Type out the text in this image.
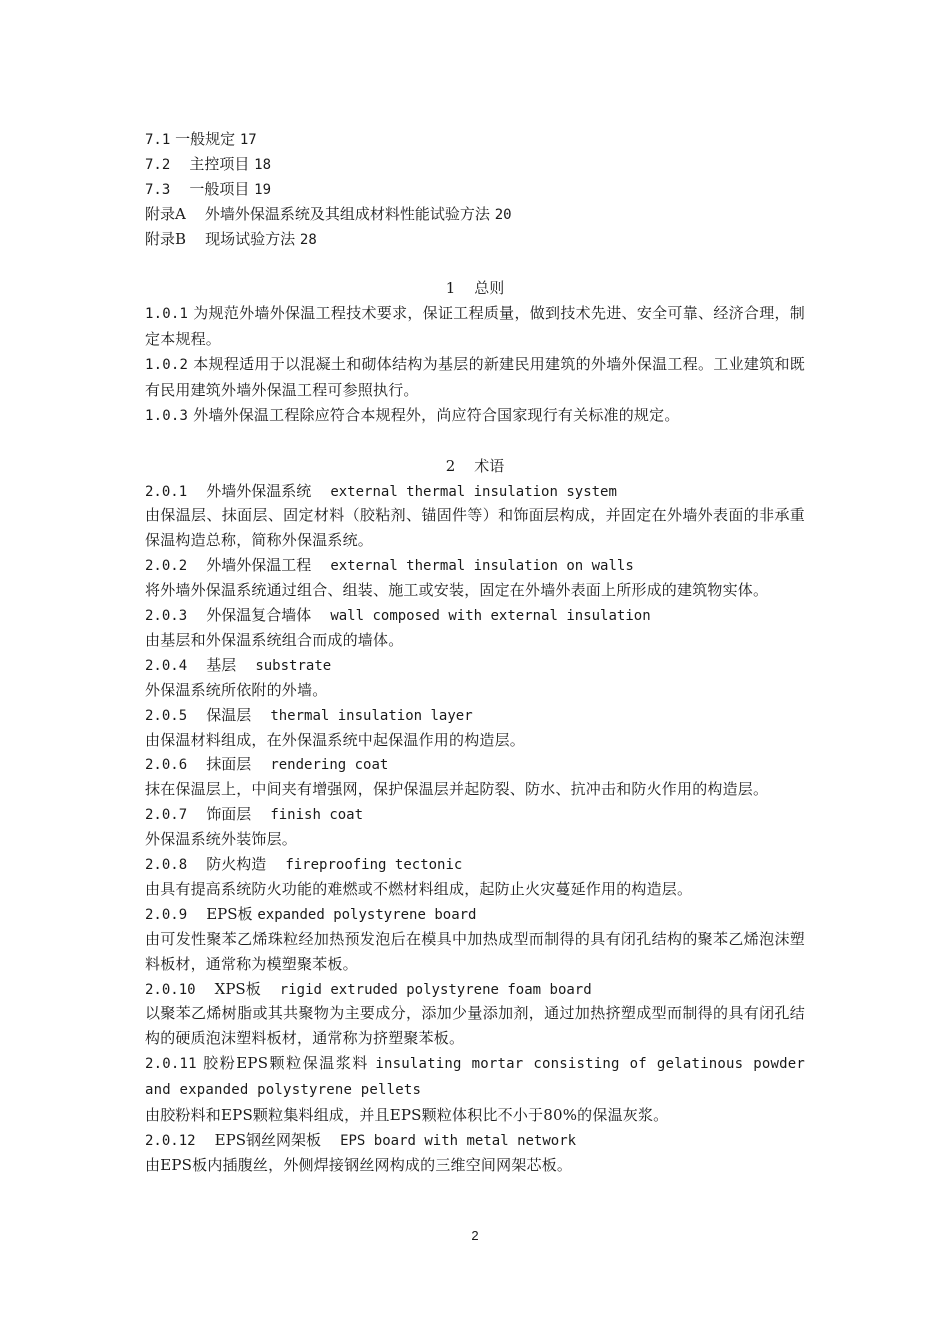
7.1 一般规定 17
7.2 主控项目 18
7.3 一般项目 19
附录A 外墙外保温系统及其组成材料性能试验方法 20
附录B 现场试验方法 28
1    总则
1.0.1 为规范外墙外保温工程技术要求，保证工程质量，做到技术先进、安全可靠、经济合理，制定本规程。
1.0.2 本规程适用于以混凝土和砌体结构为基层的新建民用建筑的外墙外保温工程。工业建筑和既有民用建筑外墙外保温工程可参照执行。
1.0.3 外墙外保温工程除应符合本规程外，尚应符合国家现行有关标准的规定。
2    术语
2.0.1 外墙外保温系统 external thermal insulation system
由保温层、抹面层、固定材料（胶粘剂、锚固件等）和饰面层构成，并固定在外墙外表面的非承重保温构造总称，简称外保温系统。
2.0.2 外墙外保温工程 external thermal insulation on walls
将外墙外保温系统通过组合、组装、施工或安装，固定在外墙外表面上所形成的建筑物实体。
2.0.3 外保温复合墙体 wall composed with external insulation
由基层和外保温系统组合而成的墙体。
2.0.4 基层 substrate
外保温系统所依附的外墙。
2.0.5 保温层 thermal insulation layer
由保温材料组成，在外保温系统中起保温作用的构造层。
2.0.6 抹面层 rendering coat
抹在保温层上，中间夹有增强网，保护保温层并起防裂、防水、抗冲击和防火作用的构造层。
2.0.7 饰面层 finish coat
外保温系统外装饰层。
2.0.8 防火构造 fireproofing tectonic
由具有提高系统防火功能的难燃或不燃材料组成，起防止火灾蔓延作用的构造层。
2.0.9 EPS板 expanded polystyrene board
由可发性聚苯乙烯珠粒经加热预发泡后在模具中加热成型而制得的具有闭孔结构的聚苯乙烯泡沫塑料板材，通常称为模塑聚苯板。
2.0.10 XPS板 rigid extruded polystyrene foam board
以聚苯乙烯树脂或其共聚物为主要成分，添加少量添加剂，通过加热挤塑成型而制得的具有闭孔结构的硬质泡沫塑料板材，通常称为挤塑聚苯板。
2.0.11 胶粉EPS颗粒保温浆料 insulating mortar consisting of gelatinous powder and expanded polystyrene pellets
由胶粉料和EPS颗粒集料组成，并且EPS颗粒体积比不小于80%的保温灰浆。
2.0.12 EPS钢丝网架板 EPS board with metal network
由EPS板内插腹丝，外侧焊接钢丝网构成的三维空间网架芯板。
2
